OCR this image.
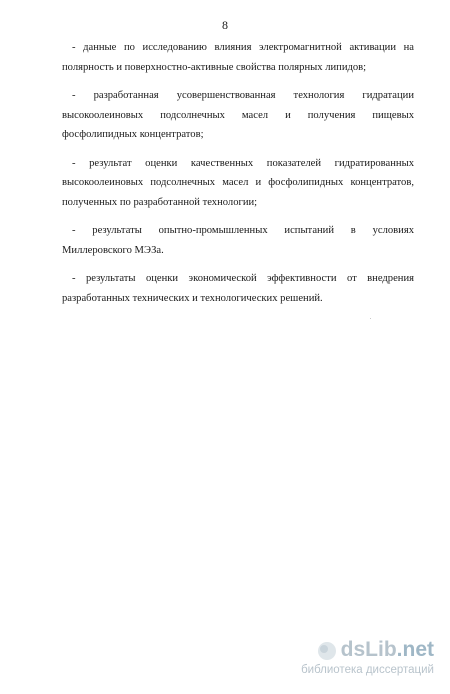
8
- данные по исследованию влияния электромагнитной активации на
полярность и поверхностно-активные свойства полярных липидов;
- разработанная усовершенствованная технология гидратации
высокоолеиновых подсолнечных масел и получения пищевых
фосфолипидных концентратов;
- результат оценки качественных показателей гидратированных
высокоолеиновых подсолнечных масел и фосфолипидных концентратов,
полученных по разработанной технологии;
- результаты опытно-промышленных испытаний в условиях
Миллеровского МЭЗа.
- результаты оценки экономической эффективности от внедрения
разработанных технических и технологических решений.
dsLib.net
библиотека диссертаций
